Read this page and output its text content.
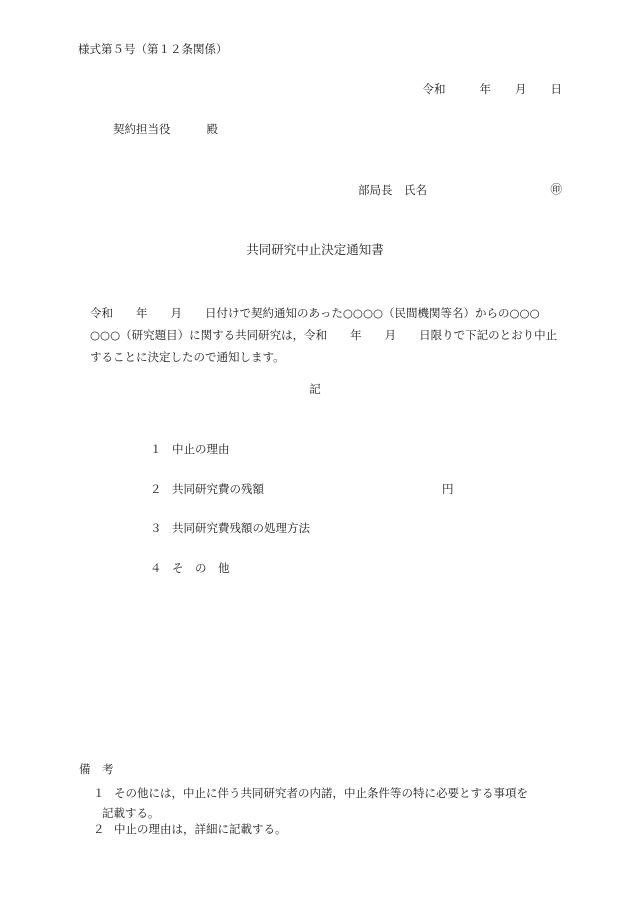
様式第５号（第１２条関係）
令和	年 月 日
契約担当役	殿
部局長　氏名	㊞
共同研究中止決定通知書

令和　　年　　月　　日付けで契約通知のあった○○○○（民間機関等名）からの○○○

○○○（研究題目）に関する共同研究は，令和　　年　　月　　日限りで下記のとおり中止

することに決定したので通知します。

記
１ 中止の理由
２ 共同研究費の残額	円
３ 共同研究費残額の処理方法
４ そ　の　他
備　考
１ その他には，中止に伴う共同研究者の内諾，中止条件等の特に必要とする事項を
記載する。
２ 中止の理由は，詳細に記載する。
